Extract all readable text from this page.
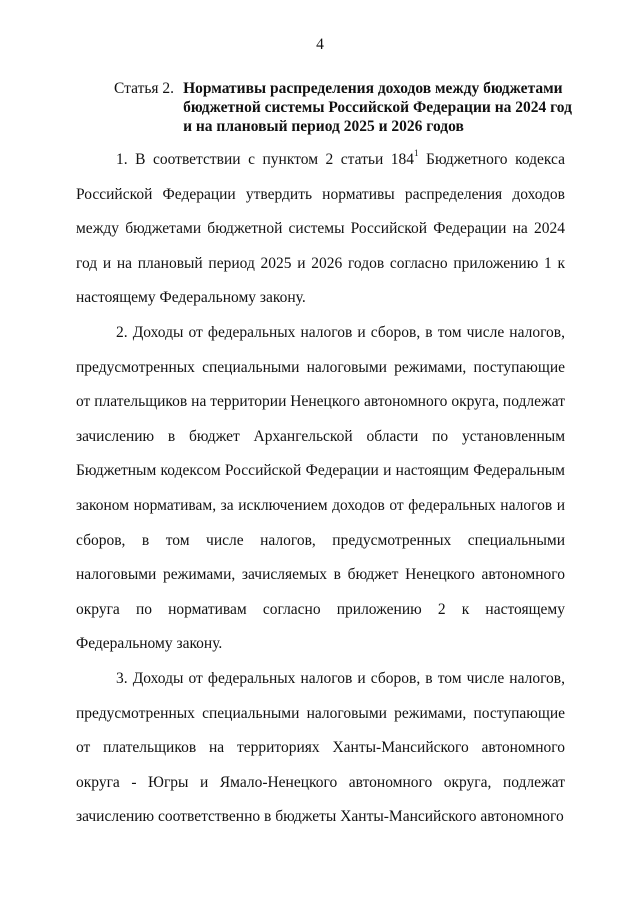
4
Статья 2. Нормативы распределения доходов между бюджетами
бюджетной системы Российской Федерации на 2024 год
и на плановый период 2025 и 2026 годов

1. В соответствии с пунктом 2 статьи $184^1$ Бюджетного кодекса Российской Федерации утвердить нормативы распределения доходов между бюджетами бюджетной системы Российской Федерации на 2024 год и на плановый период 2025 и 2026 годов согласно приложению 1 к настоящему Федеральному закону.

2. Доходы от федеральных налогов и сборов, в том числе налогов, предусмотренных специальными налоговыми режимами, поступающие от плательщиков на территории Ненецкого автономного округа, подлежат зачислению в бюджет Архангельской области по установленным Бюджетным кодексом Российской Федерации и настоящим Федеральным законом нормативам, за исключением доходов от федеральных налогов и сборов, в том числе налогов, предусмотренных специальными налоговыми режимами, зачисляемых в бюджет Ненецкого автономного округа по нормативам согласно приложению 2 к настоящему Федеральному закону.

3. Доходы от федеральных налогов и сборов, в том числе налогов, предусмотренных специальными налоговыми режимами, поступающие от плательщиков на территориях Ханты-Мансийского автономного округа - Югры и Ямало-Ненецкого автономного округа, подлежат зачислению соответственно в бюджеты Ханты-Мансийского автономного
